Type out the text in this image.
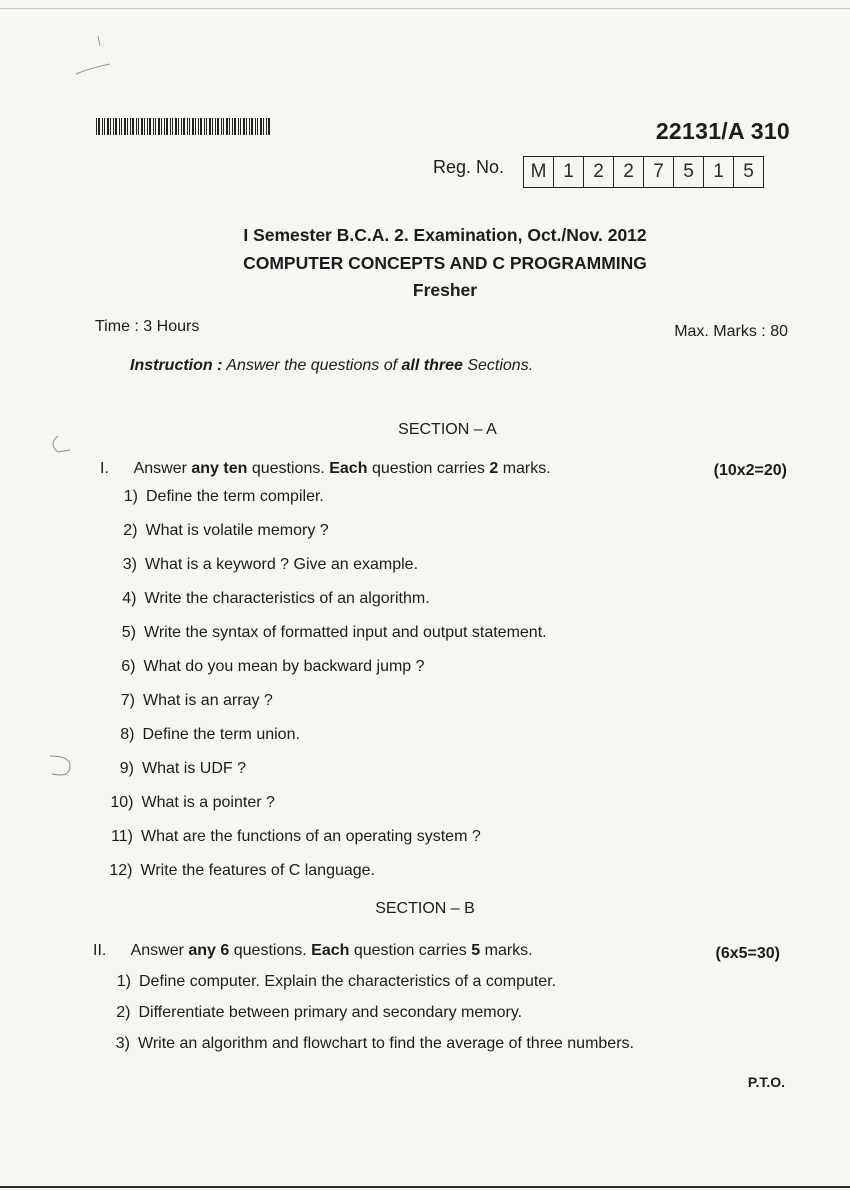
22131/A 310
Reg. No.	M 1	2	2	7	5	1	5
I Semester B.C.A. 2. Examination, Oct./Nov. 2012
COMPUTER CONCEPTS AND C PROGRAMMING
Fresher
Time : 3 Hours	Max. Marks : 80
Instruction : Answer the questions of all three Sections.
SECTION – A
I. Answer any ten questions. Each question carries 2 marks.	(10x2=20)
1) Define the term compiler.
2) What is volatile memory ?
3) What is a keyword ? Give an example.
4) Write the characteristics of an algorithm.
5) Write the syntax of formatted input and output statement.
6) What do you mean by backward jump ?
7) What is an array ?
8) Define the term union.
9) What is UDF ?
10) What is a pointer ?
11) What are the functions of an operating system ?
12) Write the features of C language.
SECTION – B
II. Answer any 6 questions. Each question carries 5 marks.	(6x5=30)
1) Define computer. Explain the characteristics of a computer.
2) Differentiate between primary and secondary memory.
3) Write an algorithm and flowchart to find the average of three numbers.
P.T.O.
